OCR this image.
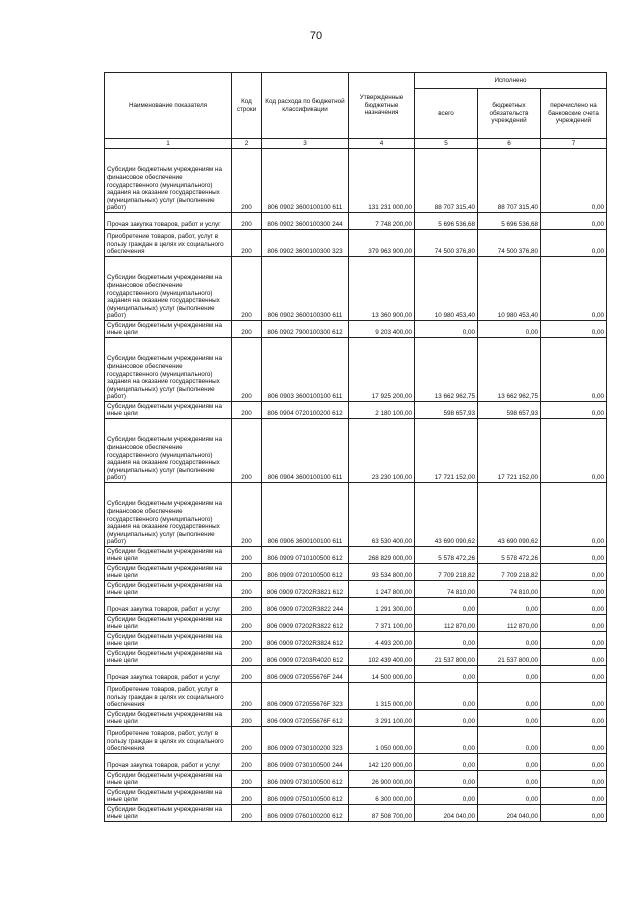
70
Наименование показателя	Код строки	Код расхода по бюджетной классификации	Утвержденные бюджетные назначения	Исполнено		
				всего	бюджетных обязательств учреждений	перечислено на банковские счета учреждений
1	2	3	4	5	6	7
Субсидии бюджетным учреждениям на финансовое обеспечение государственного (муниципального) задания на оказание государственных (муниципальных) услуг (выполнение работ)	200	806 0902 3600100100 611	131 231 000,00	88 707 315,40	88 707 315,40	0,00
Прочая закупка товаров, работ и услуг	200	806 0902 3600100300 244	7 748 200,00	5 696 536,68	5 696 536,68	0,00
Приобретение товаров, работ, услуг в пользу граждан в целях их социального обеспечения	200	806 0902 3600100300 323	379 963 900,00	74 500 376,80	74 500 376,80	0,00
Субсидии бюджетным учреждениям на финансовое обеспечение государственного (муниципального) задания на оказание государственных (муниципальных) услуг (выполнение работ)	200	806 0902 3600100300 611	13 360 900,00	10 980 453,40	10 980 453,40	0,00
Субсидии бюджетным учреждениям на иные цели	200	806 0902 7900100300 612	9 203 400,00	0,00	0,00	0,00
Субсидии бюджетным учреждениям на финансовое обеспечение государственного (муниципального) задания на оказание государственных (муниципальных) услуг (выполнение работ)	200	806 0903 3600100100 611	17 925 200,00	13 662 962,75	13 662 962,75	0,00
Субсидии бюджетным учреждениям на иные цели	200	806 0904 0720100200 612	2 180 100,00	598 657,93	598 657,93	0,00
Субсидии бюджетным учреждениям на финансовое обеспечение государственного (муниципального) задания на оказание государственных (муниципальных) услуг (выполнение работ)	200	806 0904 3600100100 611	23 230 100,00	17 721 152,00	17 721 152,00	0,00
Субсидии бюджетным учреждениям на финансовое обеспечение государственного (муниципального) задания на оказание государственных (муниципальных) услуг (выполнение работ)	200	806 0906 3600100100 611	63 530 400,00	43 690 090,62	43 690 090,62	0,00
Субсидии бюджетным учреждениям на иные цели	200	806 0909 0710100500 612	268 829 000,00	5 578 472,26	5 578 472,26	0,00
Субсидии бюджетным учреждениям на иные цели	200	806 0909 0720100500 612	93 534 800,00	7 709 218,82	7 709 218,82	0,00
Субсидии бюджетным учреждениям на иные цели	200	806 0909 07202R3821 612	1 247 800,00	74 810,00	74 810,00	0,00
Прочая закупка товаров, работ и услуг	200	806 0909 07202R3822 244	1 291 300,00	0,00	0,00	0,00
Субсидии бюджетным учреждениям на иные цели	200	806 0909 07202R3822 612	7 371 100,00	112 870,00	112 870,00	0,00
Субсидии бюджетным учреждениям на иные цели	200	806 0909 07202R3824 612	4 493 200,00	0,00	0,00	0,00
Субсидии бюджетным учреждениям на иные цели	200	806 0909 07203R4020 612	102 439 400,00	21 537 800,00	21 537 800,00	0,00
Прочая закупка товаров, работ и услуг	200	806 0909 072055676F 244	14 500 000,00	0,00	0,00	0,00
Приобретение товаров, работ, услуг в пользу граждан в целях их социального обеспечения	200	806 0909 072055676F 323	1 315 000,00	0,00	0,00	0,00
Субсидии бюджетным учреждениям на иные цели	200	806 0909 072055676F 612	3 291 100,00	0,00	0,00	0,00
Приобретение товаров, работ, услуг в пользу граждан в целях их социального обеспечения	200	806 0909 0730100200 323	1 050 000,00	0,00	0,00	0,00
Прочая закупка товаров, работ и услуг	200	806 0909 0730100500 244	142 120 000,00	0,00	0,00	0,00
Субсидии бюджетным учреждениям на иные цели	200	806 0909 0730100500 612	26 900 000,00	0,00	0,00	0,00
Субсидии бюджетным учреждениям на иные цели	200	806 0909 0750100500 612	6 300 000,00	0,00	0,00	0,00
Субсидии бюджетным учреждениям на иные цели	200	806 0909 0760100200 612	87 508 700,00	204 040,00	204 040,00	0,00
